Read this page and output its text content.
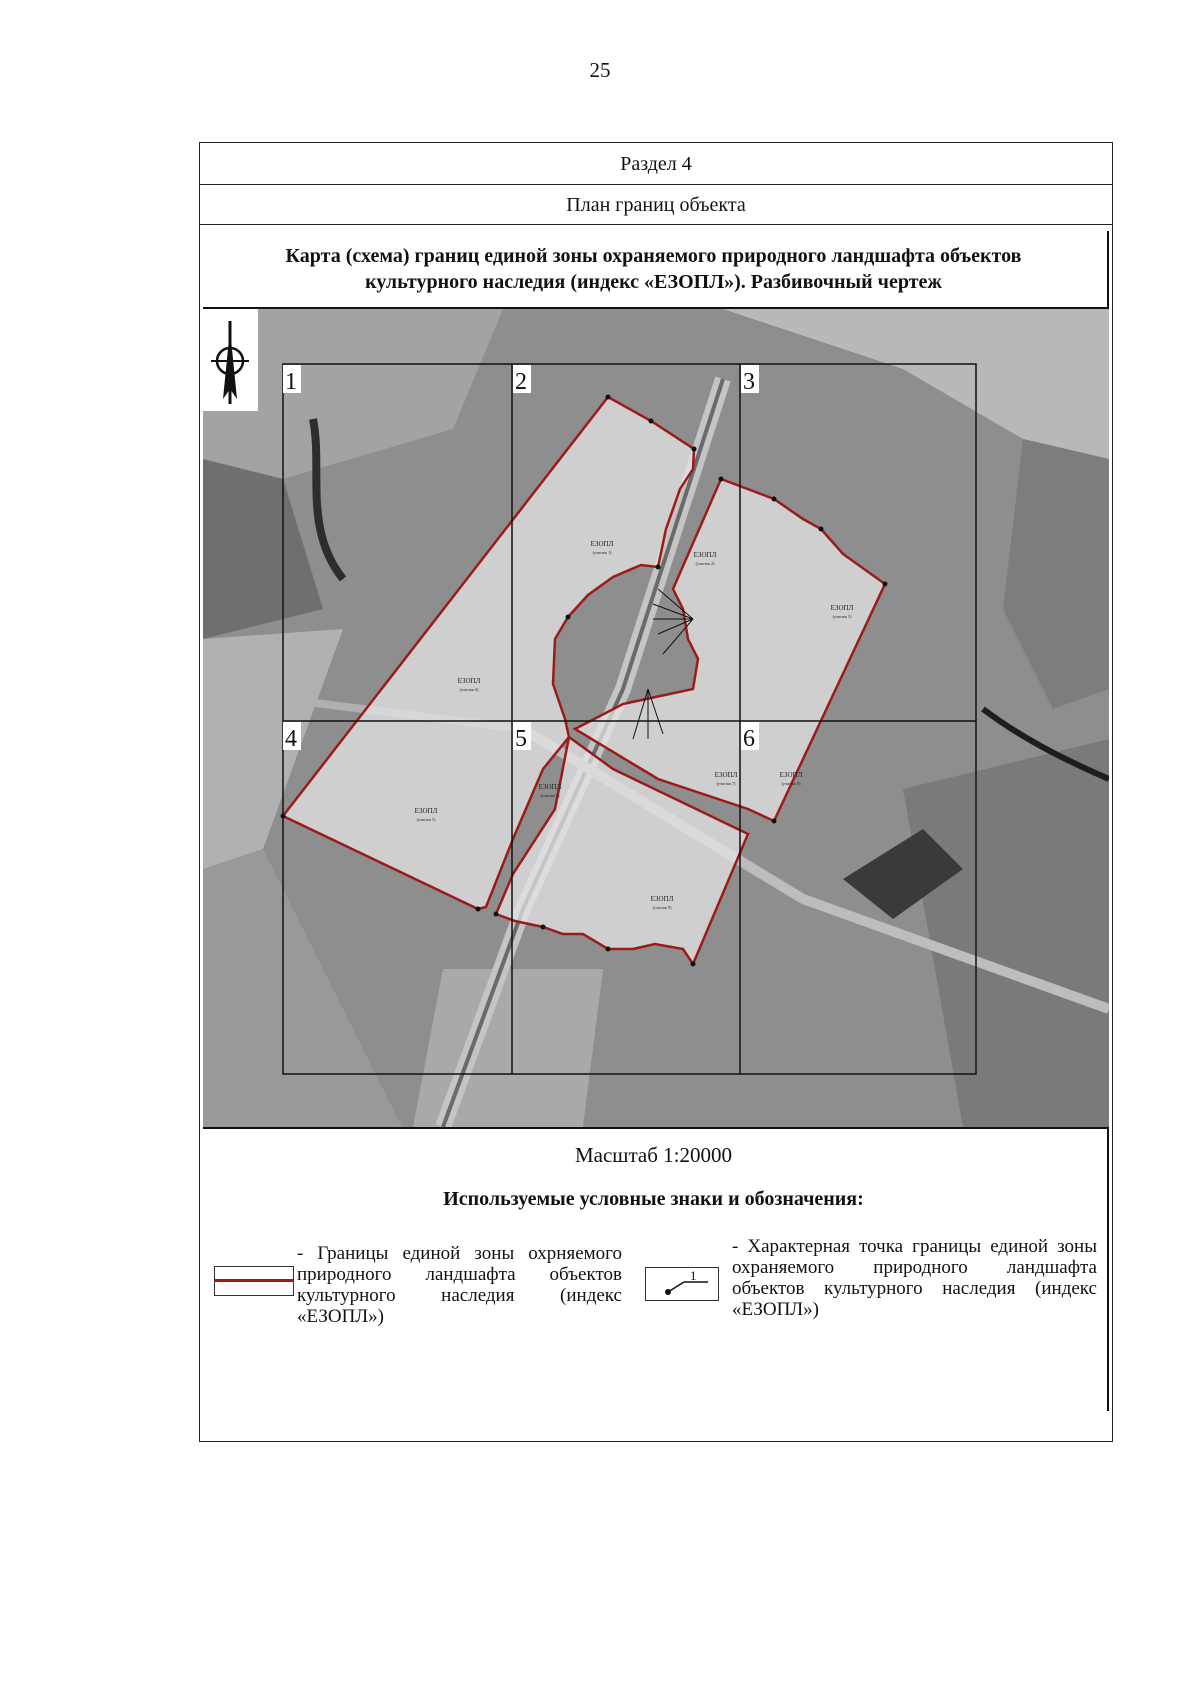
25
Раздел 4
План границ объекта
Карта (схема) границ единой зоны охраняемого природного ландшафта объектов
культурного наследия (индекс «ЕЗОПЛ»). Разбивочный чертеж
1	2	3
4	5	6
ЕЗОПЛ
(участок 1)	ЕЗОПЛ
(участок 2)
ЕЗОПЛ
(участок 3)
ЕЗОПЛ
(участок 4)
ЕЗОПЛ
(участок 5)
ЕЗОПЛ
(участок 6)
ЕЗОПЛ
(участок 7)
ЕЗОПЛ
(участок 8)
ЕЗОПЛ
(участок 9)
Масштаб 1:20000
Используемые условные знаки и обозначения:
- Границы единой зоны охрняемого природного ландшафта объектов культурного наследия (индекс «ЕЗОПЛ»)
1
- Характерная точка границы единой зоны охраняемого природного ландшафта объектов культурного наследия (индекс «ЕЗОПЛ»)
